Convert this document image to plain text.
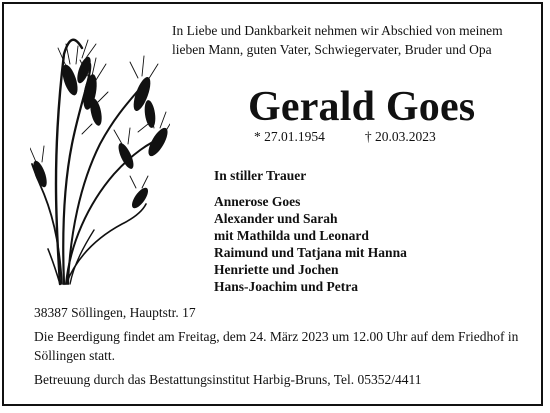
In Liebe und Dankbarkeit nehmen wir Abschied von meinem lieben Mann, guten Vater, Schwiegervater, Bruder und Opa
Gerald Goes
* 27.01.1954	† 20.03.2023
In stiller Trauer
Annerose Goes
Alexander und Sarah
mit Mathilda und Leonard
Raimund und Tatjana mit Hanna
Henriette und Jochen
Hans-Joachim und Petra
38387 Söllingen, Hauptstr. 17
Die Beerdigung findet am Freitag, dem 24. März 2023 um 12.00 Uhr auf dem Friedhof in Söllingen statt.
Betreuung durch das Bestattungsinstitut Harbig-Bruns, Tel. 05352/4411
